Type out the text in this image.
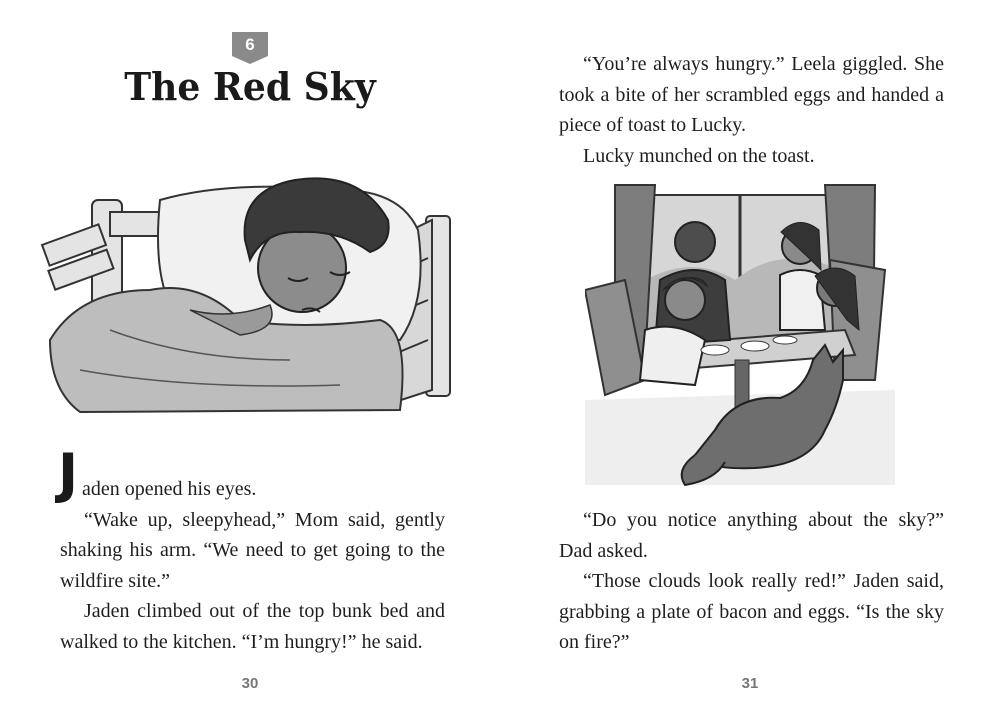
6
The Red Sky
J aden opened his eyes.

“Wake up, sleepyhead,” Mom said, gently shaking his arm. “We need to get going to the wildfire site.”

Jaden climbed out of the top bunk bed and walked to the kitchen. “I’m hungry!” he said.

30

“You’re always hungry.” Leela giggled. She took a bite of her scrambled eggs and handed a piece of toast to Lucky.

Lucky munched on the toast.

“Do you notice anything about the sky?” Dad asked.

“Those clouds look really red!” Jaden said, grabbing a plate of bacon and eggs. “Is the sky on fire?”

31
